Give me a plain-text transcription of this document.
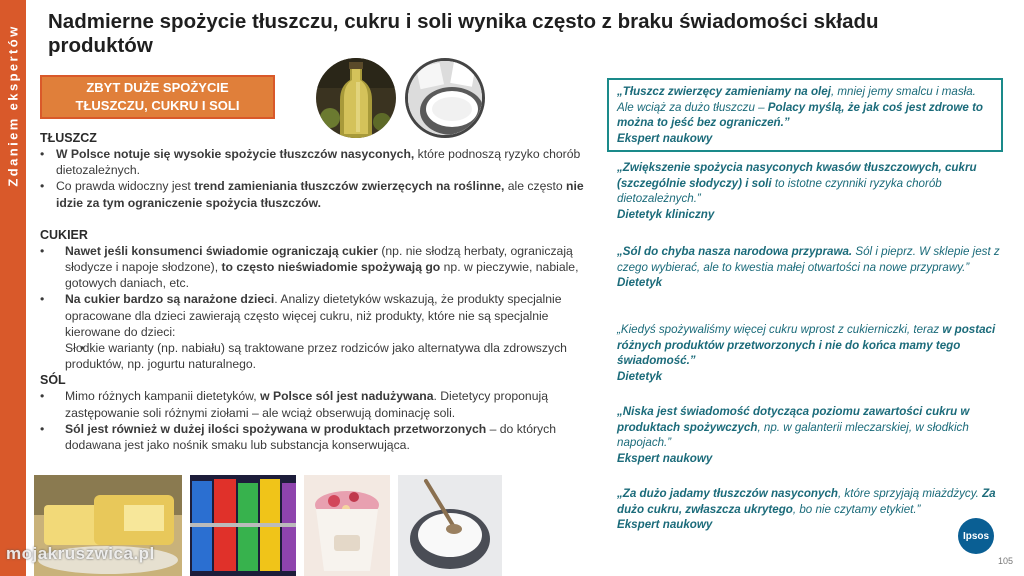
Zdaniem ekspertów
Nadmierne spożycie tłuszczu, cukru i soli wynika często z braku świadomości składu produktów
ZBYT DUŻE SPOŻYCIE
TŁUSZCZU, CUKRU I SOLI
TŁUSZCZ
• W Polsce notuje się wysokie spożycie tłuszczów nasyconych, które podnoszą ryzyko chorób dietozależnych.
• Co prawda widoczny jest trend zamieniania tłuszczów zwierzęcych na roślinne, ale często nie idzie za tym ograniczenie spożycia tłuszczów.
CUKIER
• Nawet jeśli konsumenci świadomie ograniczają cukier (np. nie słodzą herbaty, ograniczają słodycze i napoje słodzone), to często nieświadomie spożywają go np. w pieczywie, nabiale, gotowych daniach, etc.
• Na cukier bardzo są narażone dzieci. Analizy dietetyków wskazują, że produkty specjalnie opracowane dla dzieci zawierają często więcej cukru, niż produkty, które nie są specjalnie kierowane do dzieci:
• Słodkie warianty (np. nabiału) są traktowane przez rodziców jako alternatywa dla zdrowszych produktów, np. jogurtu naturalnego.
SÓL
• Mimo różnych kampanii dietetyków, w Polsce sól jest nadużywana. Dietetycy proponują zastępowanie soli różnymi ziołami – ale wciąż obserwują dominację soli.
• Sól jest również w dużej ilości spożywana w produktach przetworzonych – do których dodawana jest jako nośnik smaku lub substancja konserwująca.
„Tłuszcz zwierzęcy zamieniamy na olej, mniej jemy smalcu i masła. Ale wciąż za dużo tłuszczu – Polacy myślą, że jak coś jest zdrowe to można to jeść bez ograniczeń.”
Ekspert naukowy
„Zwiększenie spożycia nasyconych kwasów tłuszczowych, cukru (szczególnie słodyczy) i soli to istotne czynniki ryzyka chorób dietozależnych.”
Dietetyk kliniczny
„Sól do chyba nasza narodowa przyprawa. Sól i pieprz. W sklepie jest z czego wybierać, ale to kwestia małej otwartości na nowe przyprawy.”
Dietetyk
„Kiedyś spożywaliśmy więcej cukru wprost z cukierniczki, teraz w postaci różnych produktów przetworzonych i nie do końca mamy tego świadomość.”
Dietetyk
„Niska jest świadomość dotycząca poziomu zawartości cukru w produktach spożywczych, np. w galanterii mleczarskiej, w słodkich napojach.”
Ekspert naukowy
„Za dużo jadamy tłuszczów nasyconych, które sprzyjają miażdżycy. Za dużo cukru, zwłaszcza ukrytego, bo nie czytamy etykiet.”
Ekspert naukowy
mojakruszwica.pl
Ipsos
105
